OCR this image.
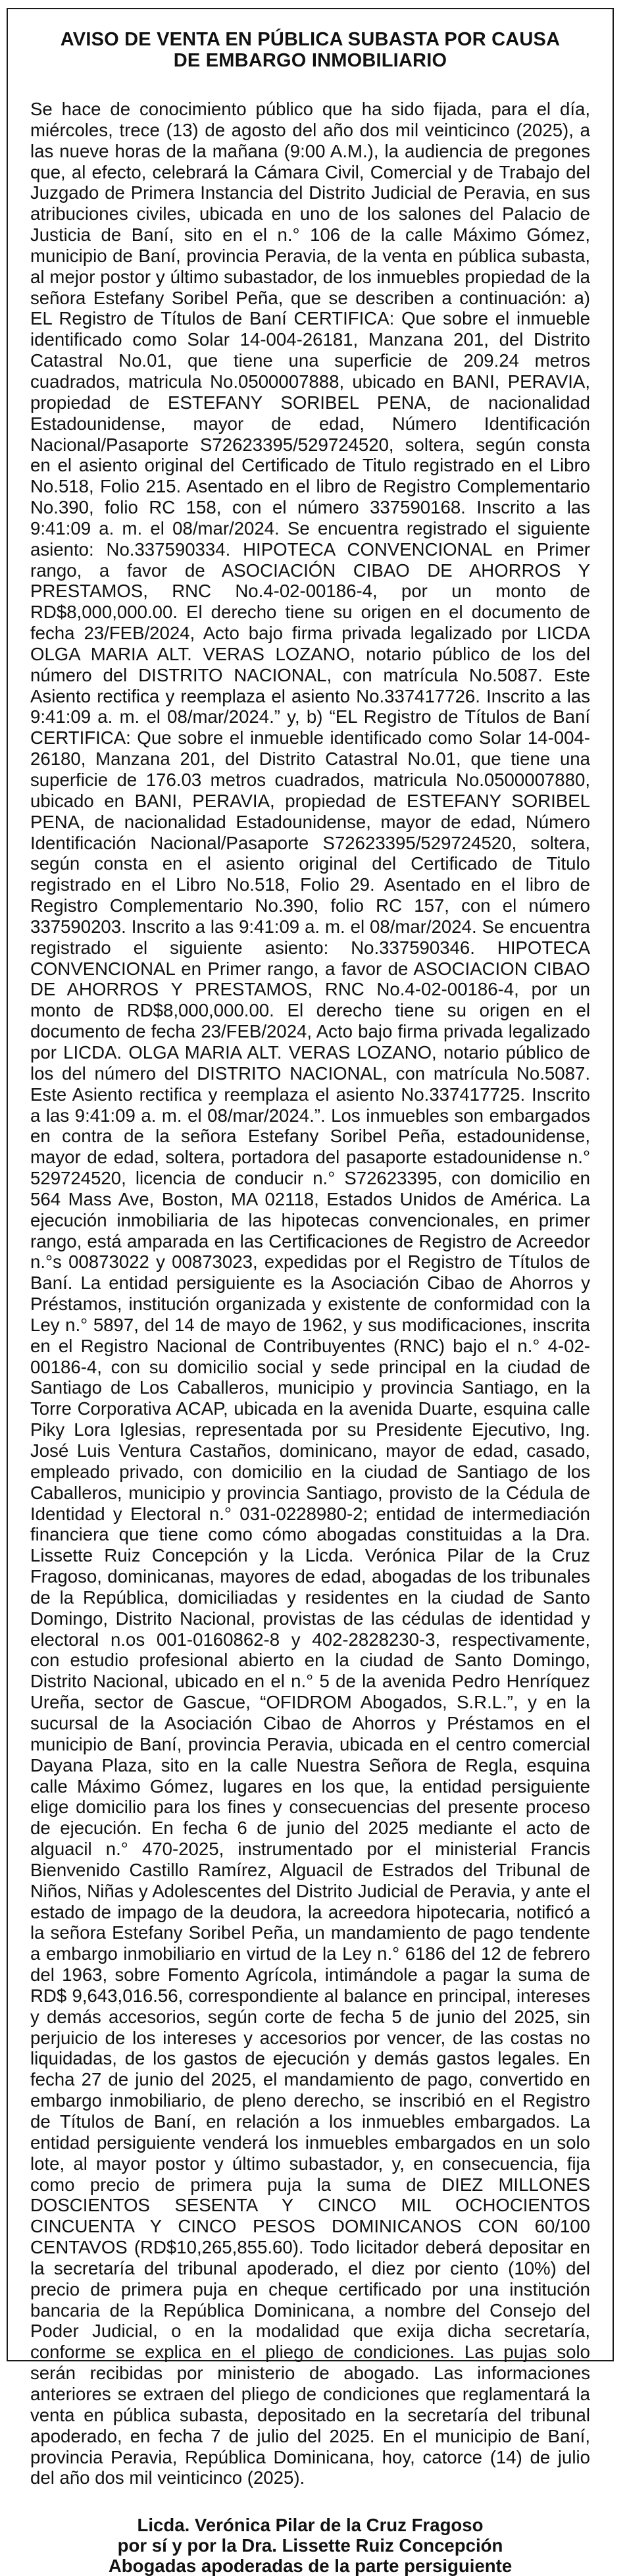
AVISO DE VENTA EN PÚBLICA SUBASTA POR CAUSA
DE EMBARGO INMOBILIARIO

Se hace de conocimiento público que ha sido fijada, para el día, miércoles, trece (13) de agosto del año dos mil veinticinco (2025), a las nueve horas de la mañana (9:00 A.M.), la audiencia de pregones que, al efecto, celebrará la Cámara Civil, Comercial y de Trabajo del Juzgado de Primera Instancia del Distrito Judicial de Peravia, en sus atribuciones civiles, ubicada en uno de los salones del Palacio de Justicia de Baní, sito en el n.° 106 de la calle Máximo Gómez, municipio de Baní, provincia Peravia, de la venta en pública subasta, al mejor postor y último subastador, de los inmuebles propiedad de la señora Estefany Soribel Peña, que se describen a continuación: a) EL Registro de Títulos de Baní CERTIFICA: Que sobre el inmueble identificado como Solar 14-004-26181, Manzana 201, del Distrito Catastral No.01, que tiene una superficie de 209.24 metros cuadrados, matricula No.0500007888, ubicado en BANI, PERAVIA, propiedad de ESTEFANY SORIBEL PENA, de nacionalidad Estadounidense, mayor de edad, Número Identificación Nacional/Pasaporte S72623395/529724520, soltera, según consta en el asiento original del Certificado de Titulo registrado en el Libro No.518, Folio 215. Asentado en el libro de Registro Complementario No.390, folio RC 158, con el número 337590168. Inscrito a las 9:41:09 a. m. el 08/mar/2024. Se encuentra registrado el siguiente asiento: No.337590334. HIPOTECA CONVENCIONAL en Primer rango, a favor de ASOCIACIÓN CIBAO DE AHORROS Y PRESTAMOS, RNC No.4-02-00186-4, por un monto de RD$8,000,000.00. El derecho tiene su origen en el documento de fecha 23/FEB/2024, Acto bajo firma privada legalizado por LICDA OLGA MARIA ALT. VERAS LOZANO, notario público de los del número del DISTRITO NACIONAL, con matrícula No.5087. Este Asiento rectifica y reemplaza el asiento No.337417726. Inscrito a las 9:41:09 a. m. el 08/mar/2024.” y, b) “EL Registro de Títulos de Baní CERTIFICA: Que sobre el inmueble identificado como Solar 14-004-26180, Manzana 201, del Distrito Catastral No.01, que tiene una superficie de 176.03 metros cuadrados, matricula No.0500007880, ubicado en BANI, PERAVIA, propiedad de ESTEFANY SORIBEL PENA, de nacionalidad Estadounidense, mayor de edad, Número Identificación Nacional/Pasaporte S72623395/529724520, soltera, según consta en el asiento original del Certificado de Titulo registrado en el Libro No.518, Folio 29. Asentado en el libro de Registro Complementario No.390, folio RC 157, con el número 337590203. Inscrito a las 9:41:09 a. m. el 08/mar/2024. Se encuentra registrado el siguiente asiento: No.337590346. HIPOTECA CONVENCIONAL en Primer rango, a favor de ASOCIACION CIBAO DE AHORROS Y PRESTAMOS, RNC No.4-02-00186-4, por un monto de RD$8,000,000.00. El derecho tiene su origen en el documento de fecha 23/FEB/2024, Acto bajo firma privada legalizado por LICDA. OLGA MARIA ALT. VERAS LOZANO, notario público de los del número del DISTRITO NACIONAL, con matrícula No.5087. Este Asiento rectifica y reemplaza el asiento No.337417725. Inscrito a las 9:41:09 a. m. el 08/mar/2024.”. Los inmuebles son embargados en contra de la señora Estefany Soribel Peña, estadounidense, mayor de edad, soltera, portadora del pasaporte estadounidense n.° 529724520, licencia de conducir n.° S72623395, con domicilio en 564 Mass Ave, Boston, MA 02118, Estados Unidos de América. La ejecución inmobiliaria de las hipotecas convencionales, en primer rango, está amparada en las Certificaciones de Registro de Acreedor n.°s 00873022 y 00873023, expedidas por el Registro de Títulos de Baní. La entidad persiguiente es la Asociación Cibao de Ahorros y Préstamos, institución organizada y existente de conformidad con la Ley n.° 5897, del 14 de mayo de 1962, y sus modificaciones, inscrita en el Registro Nacional de Contribuyentes (RNC) bajo el n.° 4-02-00186-4, con su domicilio social y sede principal en la ciudad de Santiago de Los Caballeros, municipio y provincia Santiago, en la Torre Corporativa ACAP, ubicada en la avenida Duarte, esquina calle Piky Lora Iglesias, representada por su Presidente Ejecutivo, Ing. José Luis Ventura Castaños, dominicano, mayor de edad, casado, empleado privado, con domicilio en la ciudad de Santiago de los Caballeros, municipio y provincia Santiago, provisto de la Cédula de Identidad y Electoral n.° 031-0228980-2; entidad de intermediación financiera que tiene como cómo abogadas constituidas a la Dra. Lissette Ruiz Concepción y la Licda. Verónica Pilar de la Cruz Fragoso, dominicanas, mayores de edad, abogadas de los tribunales de la República, domiciliadas y residentes en la ciudad de Santo Domingo, Distrito Nacional, provistas de las cédulas de identidad y electoral n.os 001-0160862-8 y 402-2828230-3, respectivamente, con estudio profesional abierto en la ciudad de Santo Domingo, Distrito Nacional, ubicado en el n.° 5 de la avenida Pedro Henríquez Ureña, sector de Gascue, “OFIDROM Abogados, S.R.L.”, y en la sucursal de la Asociación Cibao de Ahorros y Préstamos en el municipio de Baní, provincia Peravia, ubicada en el centro comercial Dayana Plaza, sito en la calle Nuestra Señora de Regla, esquina calle Máximo Gómez, lugares en los que, la entidad persiguiente elige domicilio para los fines y consecuencias del presente proceso de ejecución. En fecha 6 de junio del 2025 mediante el acto de alguacil n.° 470-2025, instrumentado por el ministerial Francis Bienvenido Castillo Ramírez, Alguacil de Estrados del Tribunal de Niños, Niñas y Adolescentes del Distrito Judicial de Peravia, y ante el estado de impago de la deudora, la acreedora hipotecaria, notificó a la señora Estefany Soribel Peña, un mandamiento de pago tendente a embargo inmobiliario en virtud de la Ley n.° 6186 del 12 de febrero del 1963, sobre Fomento Agrícola, intimándole a pagar la suma de RD$ 9,643,016.56, correspondiente al balance en principal, intereses y demás accesorios, según corte de fecha 5 de junio del 2025, sin perjuicio de los intereses y accesorios por vencer, de las costas no liquidadas, de los gastos de ejecución y demás gastos legales. En fecha 27 de junio del 2025, el mandamiento de pago, convertido en embargo inmobiliario, de pleno derecho, se inscribió en el Registro de Títulos de Baní, en relación a los inmuebles embargados. La entidad persiguiente venderá los inmuebles embargados en un solo lote, al mayor postor y último subastador, y, en consecuencia, fija como precio de primera puja la suma de DIEZ MILLONES DOSCIENTOS SESENTA Y CINCO MIL OCHOCIENTOS CINCUENTA Y CINCO PESOS DOMINICANOS CON 60/100 CENTAVOS (RD$10,265,855.60). Todo licitador deberá depositar en la secretaría del tribunal apoderado, el diez por ciento (10%) del precio de primera puja en cheque certificado por una institución bancaria de la República Dominicana, a nombre del Consejo del Poder Judicial, o en la modalidad que exija dicha secretaría, conforme se explica en el pliego de condiciones. Las pujas solo serán recibidas por ministerio de abogado. Las informaciones anteriores se extraen del pliego de condiciones que reglamentará la venta en pública subasta, depositado en la secretaría del tribunal apoderado, en fecha 7 de julio del 2025. En el municipio de Baní, provincia Peravia, República Dominicana, hoy, catorce (14) de julio del año dos mil veinticinco (2025).

Licda. Verónica Pilar de la Cruz Fragoso
por sí y por la Dra. Lissette Ruiz Concepción
Abogadas apoderadas de la parte persiguiente
